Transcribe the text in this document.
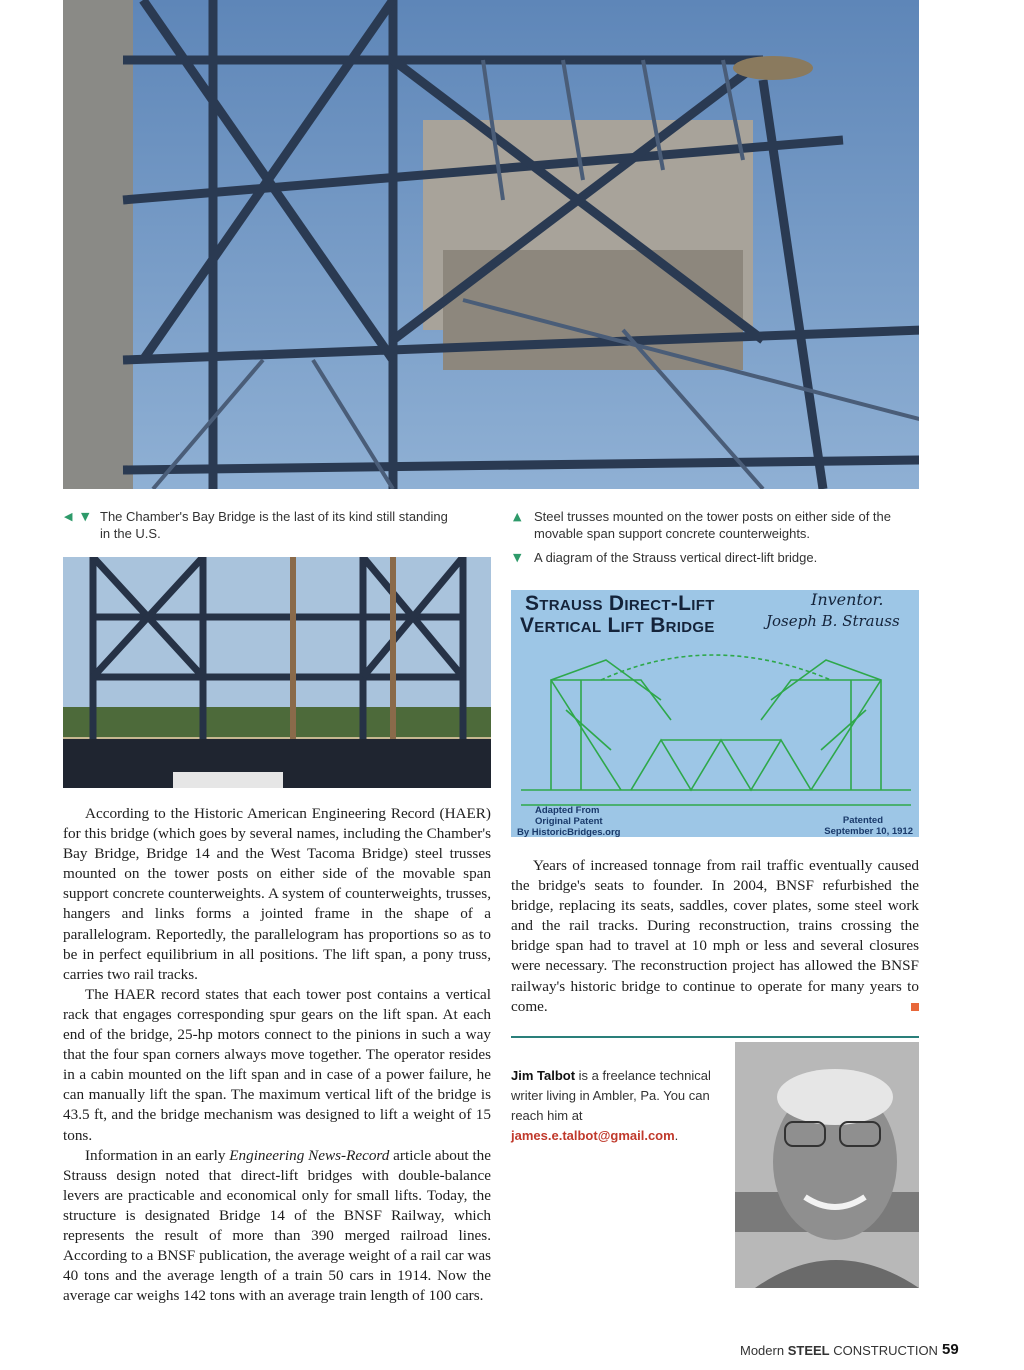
◀ ▼ The Chamber's Bay Bridge is the last of its kind still standing in the U.S.
▲ Steel trusses mounted on the tower posts on either side of the movable span support concrete counterweights.
▼ A diagram of the Strauss vertical direct-lift bridge.
Strauss Direct-Lift
Vertical Lift Bridge
Inventor.
Joseph B. Strauss
Adapted From
Original Patent
By HistoricBridges.org
Patented
September 10, 1912

According to the Historic American Engineering Record (HAER) for this bridge (which goes by several names, including the Chamber's Bay Bridge, Bridge 14 and the West Tacoma Bridge) steel trusses mounted on the tower posts on either side of the movable span support concrete counterweights. A system of counterweights, trusses, hangers and links forms a jointed frame in the shape of a parallelogram. Reportedly, the parallelogram has proportions so as to be in perfect equilibrium in all positions. The lift span, a pony truss, carries two rail tracks.

The HAER record states that each tower post contains a vertical rack that engages corresponding spur gears on the lift span. At each end of the bridge, 25-hp motors connect to the pinions in such a way that the four span corners always move together. The operator resides in a cabin mounted on the lift span and in case of a power failure, he can manually lift the span. The maximum vertical lift of the bridge is 43.5 ft, and the bridge mechanism was designed to lift a weight of 15 tons.

Information in an early Engineering News-Record article about the Strauss design noted that direct-lift bridges with double-balance levers are practicable and economical only for small lifts. Today, the structure is designated Bridge 14 of the BNSF Railway, which represents the result of more than 390 merged railroad lines. According to a BNSF publication, the average weight of a rail car was 40 tons and the average length of a train 50 cars in 1914. Now the average car weighs 142 tons with an average train length of 100 cars.

Years of increased tonnage from rail traffic eventually caused the bridge's seats to founder. In 2004, BNSF refurbished the bridge, replacing its seats, saddles, cover plates, some steel work and the rail tracks. During reconstruction, trains crossing the bridge span had to travel at 10 mph or less and several closures were necessary. The reconstruction project has allowed the BNSF railway's historic bridge to continue to operate for many years to come.

Jim Talbot is a freelance technical writer living in Ambler, Pa. You can reach him at james.e.talbot@gmail.com.
Modern STEEL CONSTRUCTION 59
